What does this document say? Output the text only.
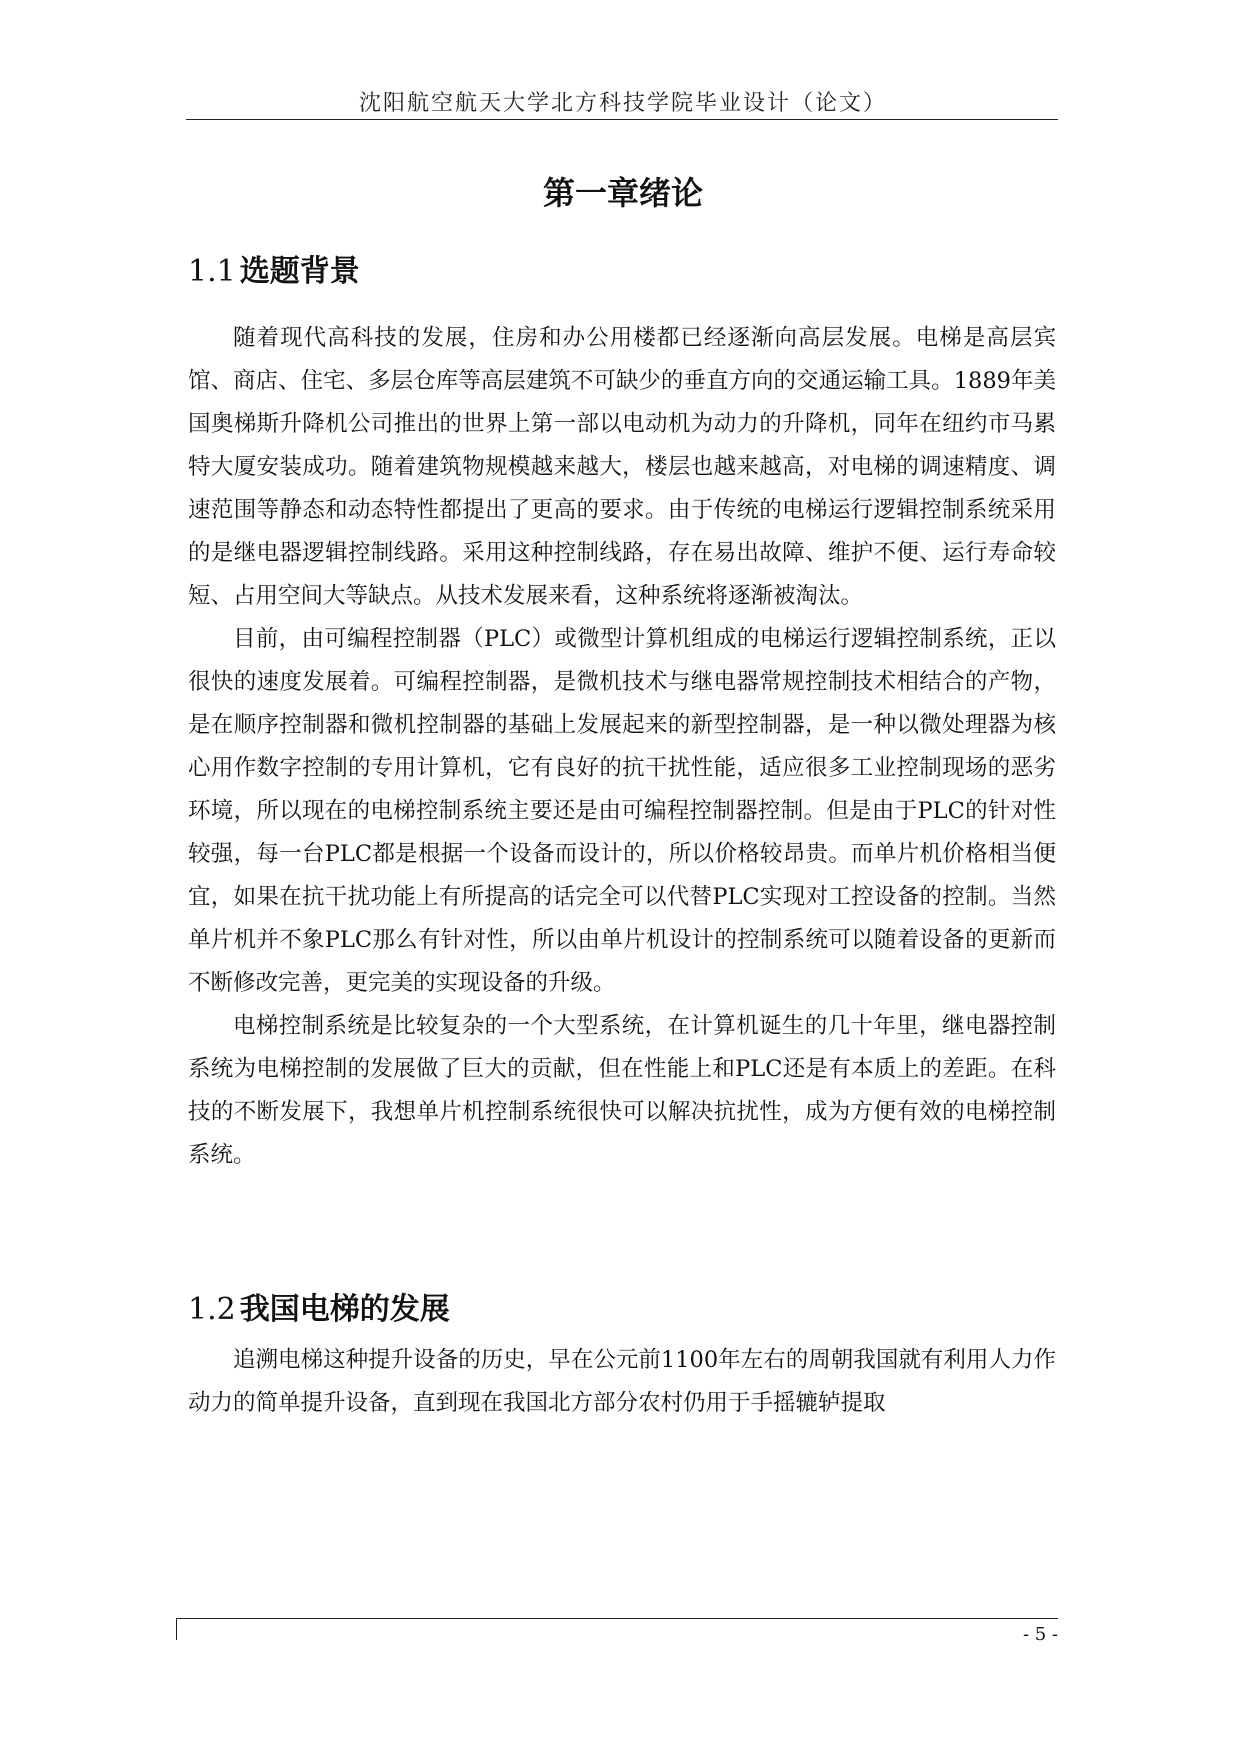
沈阳航空航天大学北方科技学院毕业设计（论文）
第一章绪论
1.1 选题背景

随着现代高科技的发展，住房和办公用楼都已经逐渐向高层发展。电梯是高层宾馆、商店、住宅、多层仓库等高层建筑不可缺少的垂直方向的交通运输工具。1889年美国奥梯斯升降机公司推出的世界上第一部以电动机为动力的升降机，同年在纽约市马累特大厦安装成功。随着建筑物规模越来越大，楼层也越来越高，对电梯的调速精度、调速范围等静态和动态特性都提出了更高的要求。由于传统的电梯运行逻辑控制系统采用的是继电器逻辑控制线路。采用这种控制线路，存在易出故障、维护不便、运行寿命较短、占用空间大等缺点。从技术发展来看，这种系统将逐渐被淘汰。

目前，由可编程控制器（PLC）或微型计算机组成的电梯运行逻辑控制系统，正以很快的速度发展着。可编程控制器，是微机技术与继电器常规控制技术相结合的产物，是在顺序控制器和微机控制器的基础上发展起来的新型控制器，是一种以微处理器为核心用作数字控制的专用计算机，它有良好的抗干扰性能，适应很多工业控制现场的恶劣环境，所以现在的电梯控制系统主要还是由可编程控制器控制。但是由于PLC的针对性较强，每一台PLC都是根据一个设备而设计的，所以价格较昂贵。而单片机价格相当便宜，如果在抗干扰功能上有所提高的话完全可以代替PLC实现对工控设备的控制。当然单片机并不象PLC那么有针对性，所以由单片机设计的控制系统可以随着设备的更新而不断修改完善，更完美的实现设备的升级。

电梯控制系统是比较复杂的一个大型系统，在计算机诞生的几十年里，继电器控制系统为电梯控制的发展做了巨大的贡献，但在性能上和PLC还是有本质上的差距。在科技的不断发展下，我想单片机控制系统很快可以解决抗扰性，成为方便有效的电梯控制系统。

1.2 我国电梯的发展

追溯电梯这种提升设备的历史，早在公元前1100年左右的周朝我国就有利用人力作动力的简单提升设备，直到现在我国北方部分农村仍用于手摇辘轳提取

- 5 -
